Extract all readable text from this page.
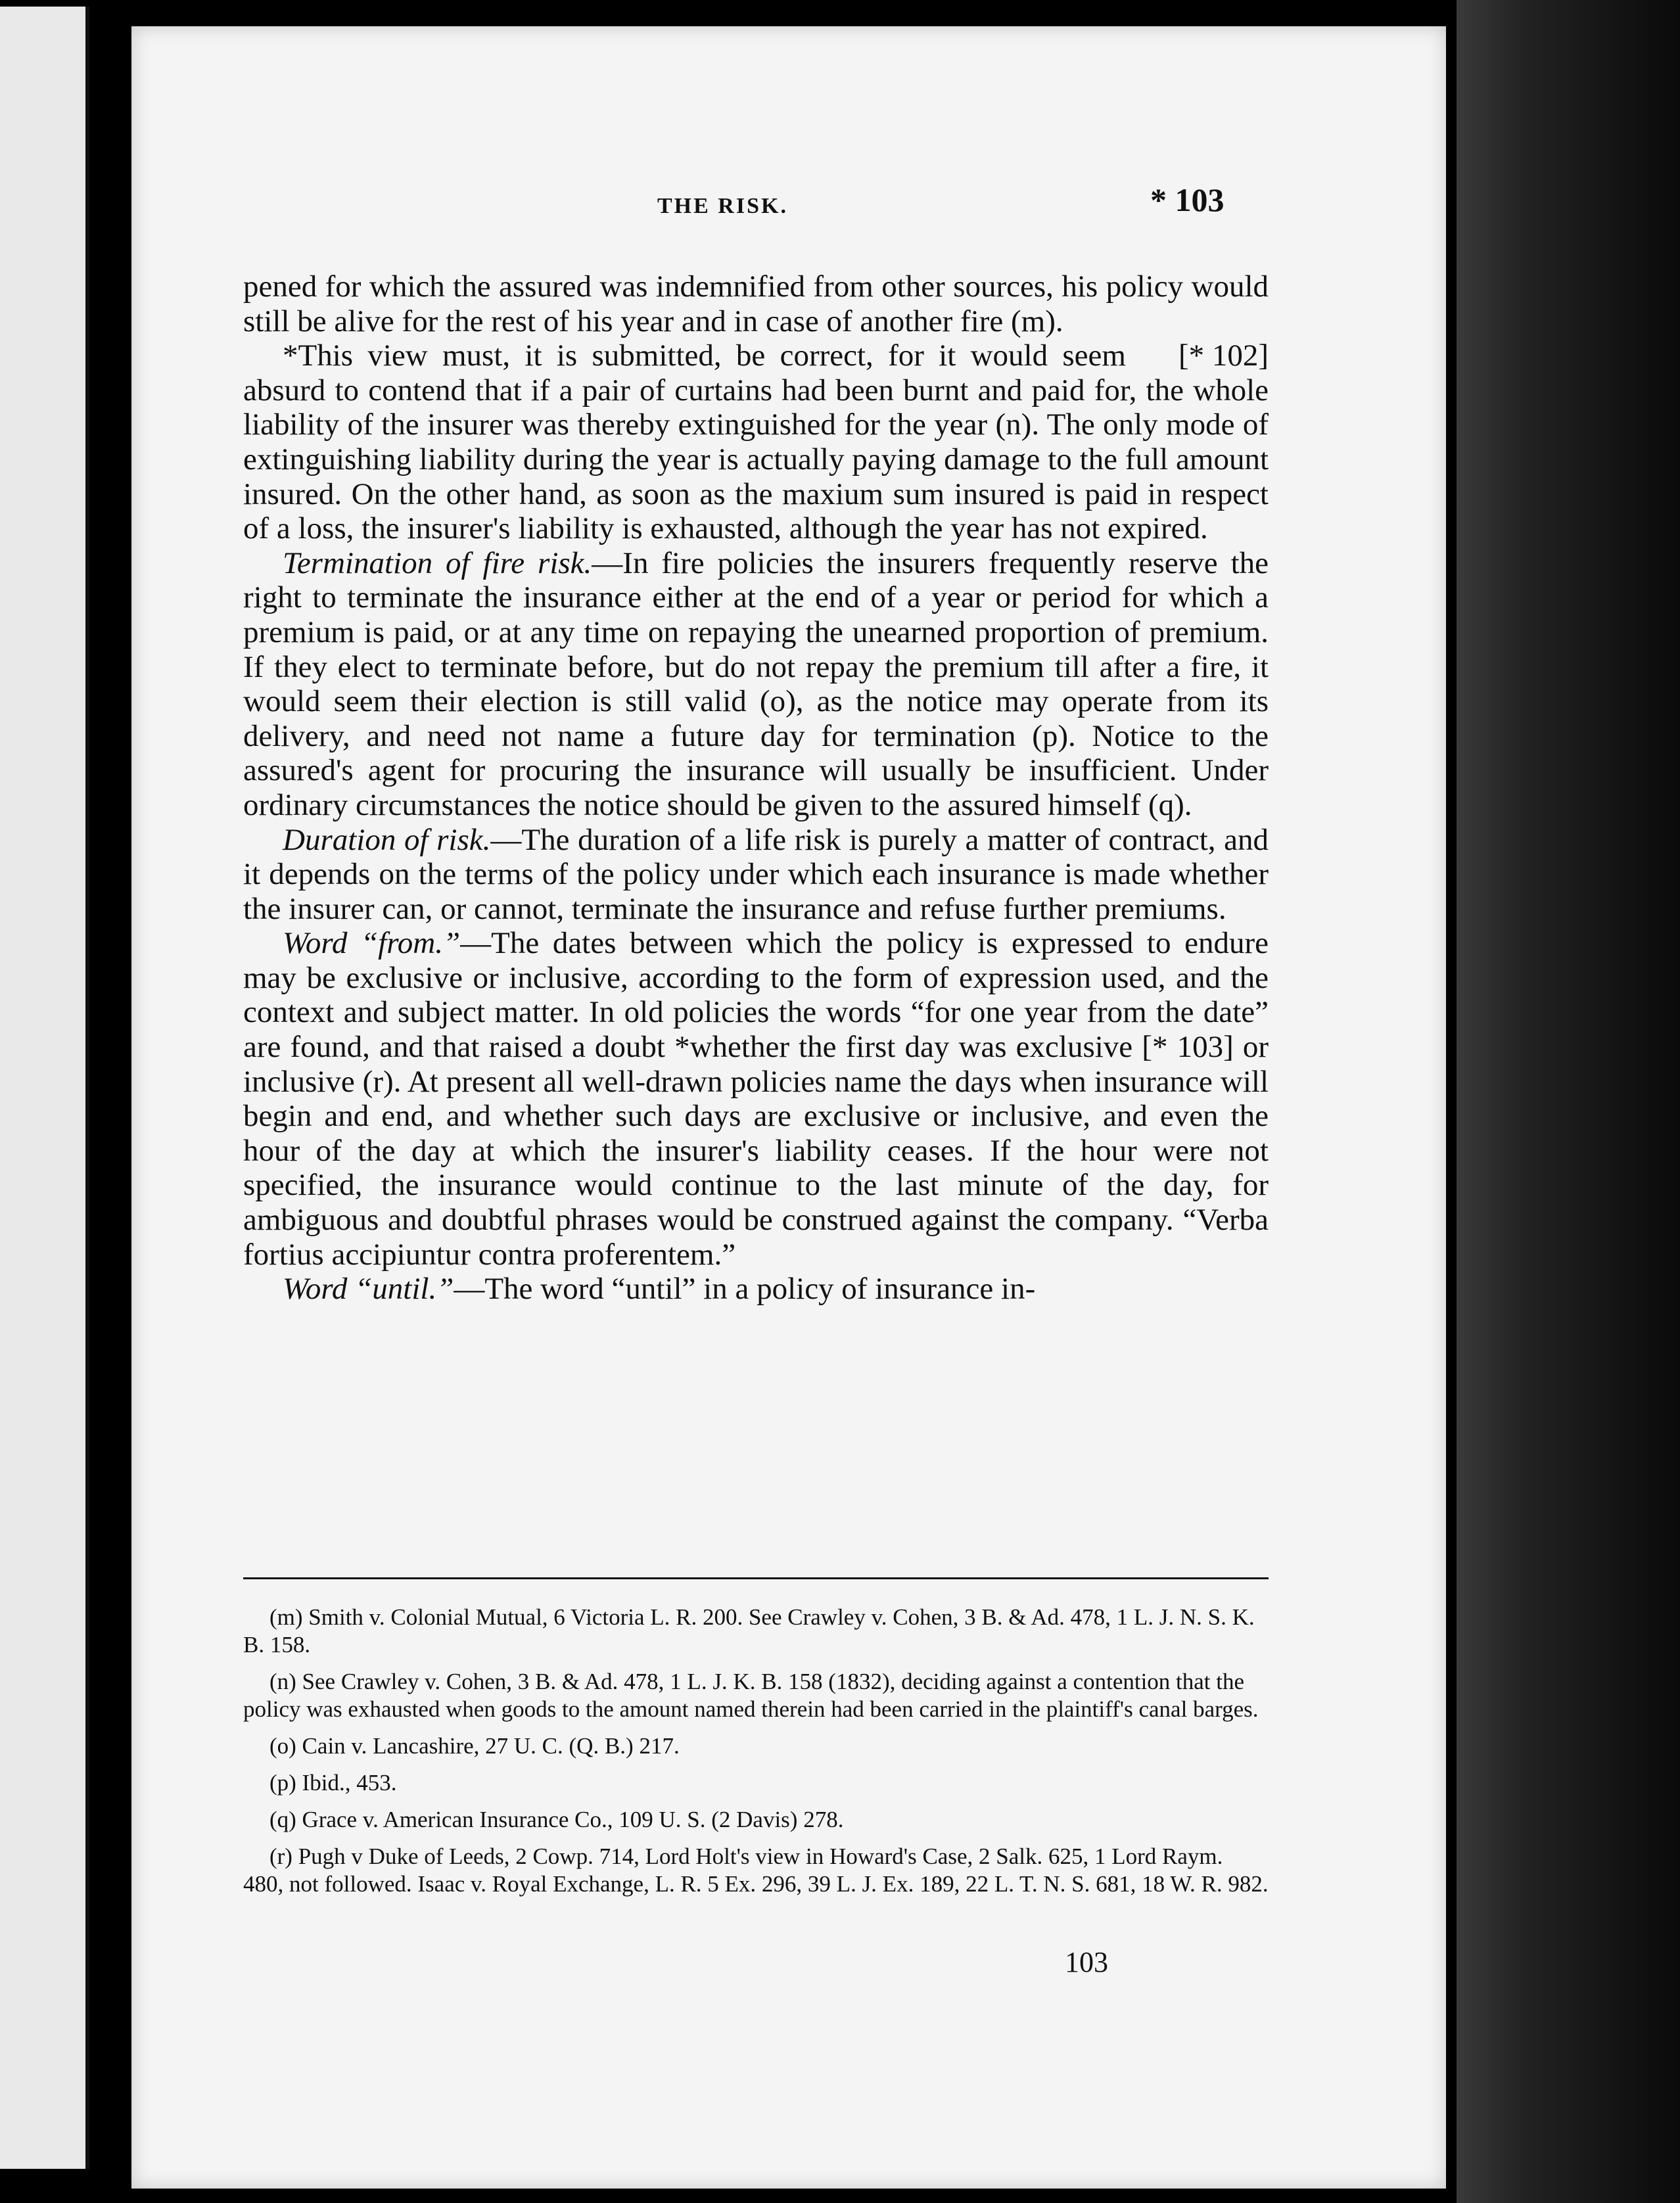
THE RISK.	* 103

pened for which the assured was indemnified from other sources, his policy would still be alive for the rest of his year and in case of another fire (m).

[* 102]
*This view must, it is submitted, be correct, for it would seem absurd to contend that if a pair of curtains had been burnt and paid for, the whole liability of the insurer was thereby extinguished for the year (n). The only mode of extinguishing liability during the year is actually paying damage to the full amount insured. On the other hand, as soon as the maxium sum insured is paid in respect of a loss, the insurer's liability is exhausted, although the year has not expired.

Termination of fire risk.—In fire policies the insurers frequently reserve the right to terminate the insurance either at the end of a year or period for which a premium is paid, or at any time on repaying the unearned proportion of premium. If they elect to terminate before, but do not repay the premium till after a fire, it would seem their election is still valid (o), as the notice may operate from its delivery, and need not name a future day for termination (p). Notice to the assured's agent for procuring the insurance will usually be insufficient. Under ordinary circumstances the notice should be given to the assured himself (q).

Duration of risk.—The duration of a life risk is purely a matter of contract, and it depends on the terms of the policy under which each insurance is made whether the insurer can, or cannot, terminate the insurance and refuse further premiums.

Word “from.”—The dates between which the policy is expressed to endure may be exclusive or inclusive, according to the form of expression used, and the context and subject matter. In old policies the words “for one year from the date” are found, and that raised a doubt *whether the first day was exclusive [* 103] or inclusive (r). At present all well-drawn policies name the days when insurance will begin and end, and whether such days are exclusive or inclusive, and even the hour of the day at which the insurer's liability ceases. If the hour were not specified, the insurance would continue to the last minute of the day, for ambiguous and doubtful phrases would be construed against the company. “Verba fortius accipiuntur contra proferentem.”

Word “until.”—The word “until” in a policy of insurance in-

(m) Smith v. Colonial Mutual, 6 Victoria L. R. 200. See Crawley v. Cohen, 3 B. & Ad. 478, 1 L. J. N. S. K. B. 158.

(n) See Crawley v. Cohen, 3 B. & Ad. 478, 1 L. J. K. B. 158 (1832), deciding against a contention that the policy was exhausted when goods to the amount named therein had been carried in the plaintiff's canal barges.

(o) Cain v. Lancashire, 27 U. C. (Q. B.) 217.

(p) Ibid., 453.

(q) Grace v. American Insurance Co., 109 U. S. (2 Davis) 278.

(r) Pugh v Duke of Leeds, 2 Cowp. 714, Lord Holt's view in Howard's Case, 2 Salk. 625, 1 Lord Raym. 480, not followed. Isaac v. Royal Exchange, L. R. 5 Ex. 296, 39 L. J. Ex. 189, 22 L. T. N. S. 681, 18 W. R. 982.

103
